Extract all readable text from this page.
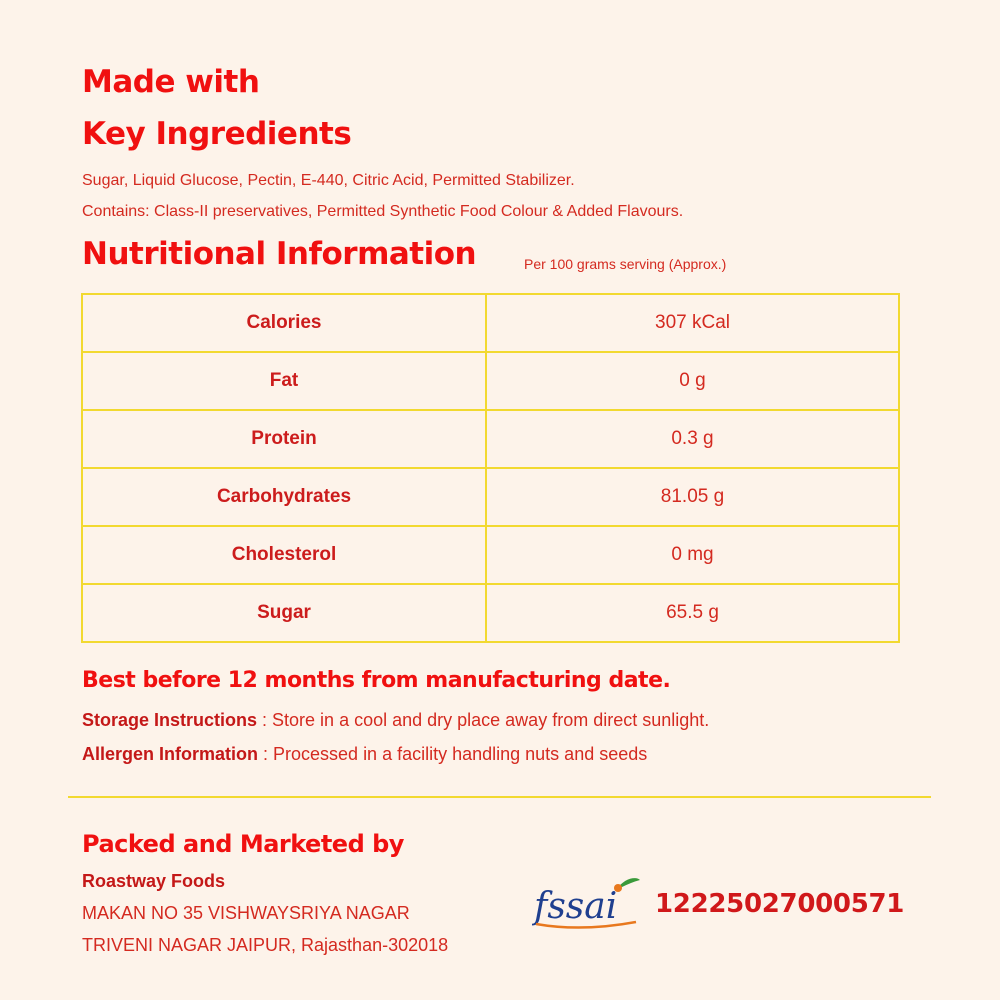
Made with
Key Ingredients
Sugar, Liquid Glucose, Pectin, E-440, Citric Acid, Permitted Stabilizer.
Contains: Class-II preservatives, Permitted Synthetic Food Colour & Added Flavours.
Nutritional Information	Per 100 grams serving (Approx.)
Calories	307 kCal
Fat	0 g
Protein	0.3 g
Carbohydrates	81.05 g
Cholesterol	0 mg
Sugar	65.5 g
Best before 12 months from manufacturing date.
Storage Instructions : Store in a cool and dry place away from direct sunlight.
Allergen Information : Processed in a facility handling nuts and seeds
Packed and Marketed by
Roastway Foods
MAKAN NO 35 VISHWAYSRIYA NAGAR
TRIVENI NAGAR JAIPUR, Rajasthan-302018
fssai 12225027000571
